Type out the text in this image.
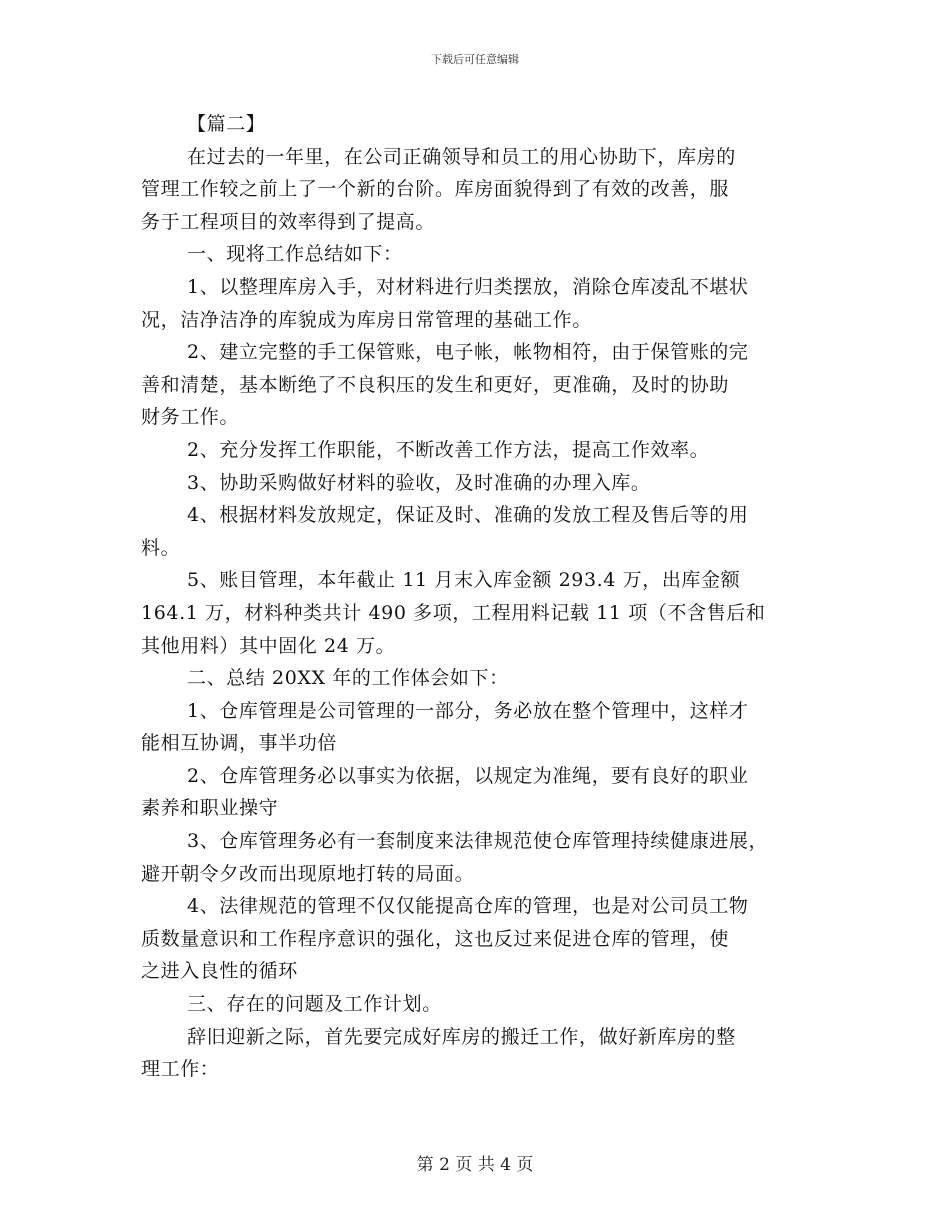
下载后可任意编辑

【篇二】

在过去的一年里，在公司正确领导和员工的用心协助下，库房的

管理工作较之前上了一个新的台阶。库房面貌得到了有效的改善，服

务于工程项目的效率得到了提高。

一、现将工作总结如下：

1、以整理库房入手，对材料进行归类摆放，消除仓库凌乱不堪状

况，洁净洁净的库貌成为库房日常管理的基础工作。

2、建立完整的手工保管账，电子帐，帐物相符，由于保管账的完

善和清楚，基本断绝了不良积压的发生和更好，更准确，及时的协助

财务工作。

2、充分发挥工作职能，不断改善工作方法，提高工作效率。

3、协助采购做好材料的验收，及时准确的办理入库。

4、根据材料发放规定，保证及时、准确的发放工程及售后等的用

料。

5、账目管理，本年截止 11 月末入库金额 293.4 万，出库金额

164.1 万，材料种类共计 490 多项，工程用料记载 11 项（不含售后和

其他用料）其中固化 24 万。

二、总结 20XX 年的工作体会如下：

1、仓库管理是公司管理的一部分，务必放在整个管理中，这样才

能相互协调，事半功倍

2、仓库管理务必以事实为依据，以规定为准绳，要有良好的职业

素养和职业操守

3、仓库管理务必有一套制度来法律规范使仓库管理持续健康进展，

避开朝令夕改而出现原地打转的局面。

4、法律规范的管理不仅仅能提高仓库的管理，也是对公司员工物

质数量意识和工作程序意识的强化，这也反过来促进仓库的管理，使

之进入良性的循环

三、存在的问题及工作计划。

辞旧迎新之际，首先要完成好库房的搬迁工作，做好新库房的整

理工作：

第 2 页 共 4 页
